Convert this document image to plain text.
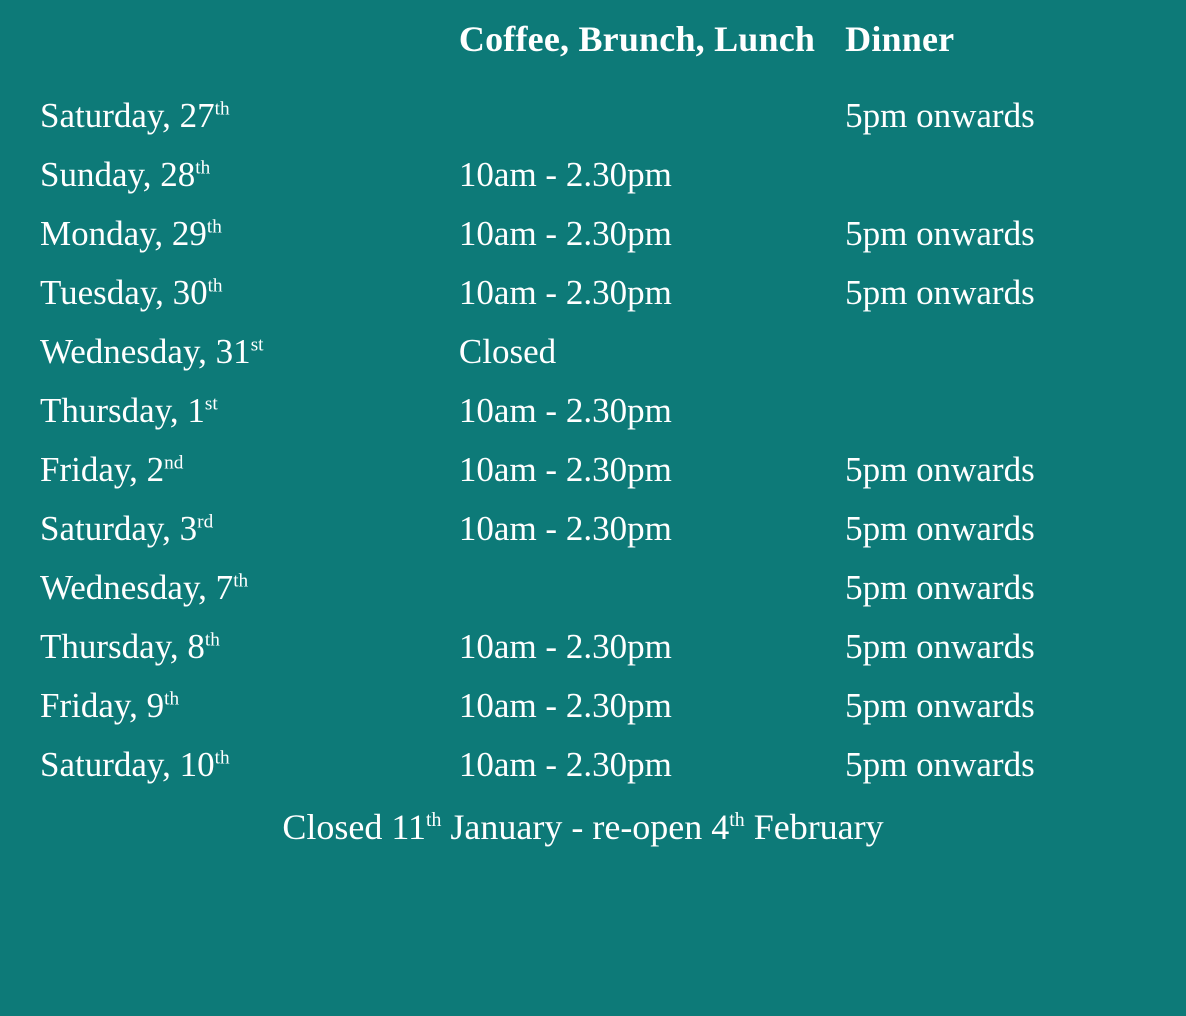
	Coffee, Brunch, Lunch	Dinner
Saturday, 27th		5pm onwards
Sunday, 28th	10am - 2.30pm	
Monday, 29th	10am - 2.30pm	5pm onwards
Tuesday, 30th	10am - 2.30pm	5pm onwards
Wednesday, 31st	Closed	
Thursday, 1st	10am - 2.30pm	
Friday, 2nd	10am - 2.30pm	5pm onwards
Saturday, 3rd	10am - 2.30pm	5pm onwards
Wednesday, 7th		5pm onwards
Thursday, 8th	10am - 2.30pm	5pm onwards
Friday, 9th	10am - 2.30pm	5pm onwards
Saturday, 10th	10am - 2.30pm	5pm onwards
Closed 11th January - re-open 4th February
